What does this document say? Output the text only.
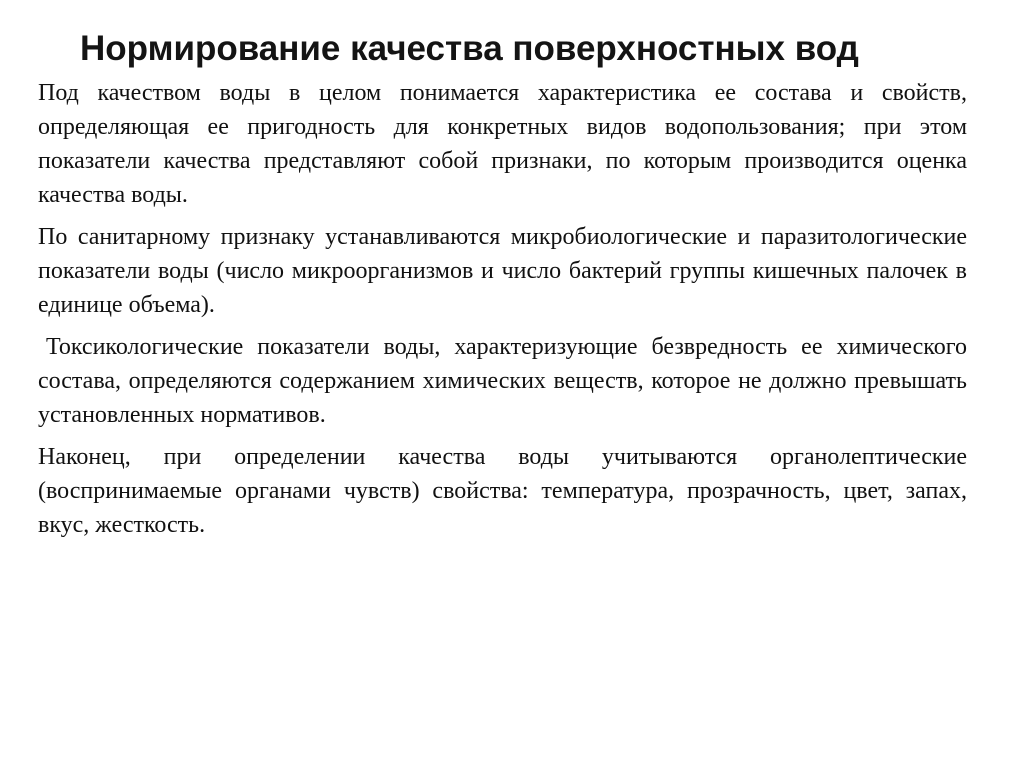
Нормирование качества поверхностных вод

Под качеством воды в целом понимается характеристика ее состава и свойств, определяющая ее пригодность для конкретных видов водопользования; при этом показатели качества представляют собой признаки, по которым производится оценка качества воды.

По санитарному признаку устанавливаются микробиологические и паразитологические показатели воды (число микроорганизмов и число бактерий группы кишечных палочек в единице объема).

Токсикологические показатели воды, характеризующие безвредность ее химического состава, определяются содержанием химических веществ, которое не должно превышать установленных нормативов.

Наконец, при определении качества воды учитываются органолептические (воспринимаемые органами чувств) свойства: температура, прозрачность, цвет, запах, вкус, жесткость.
